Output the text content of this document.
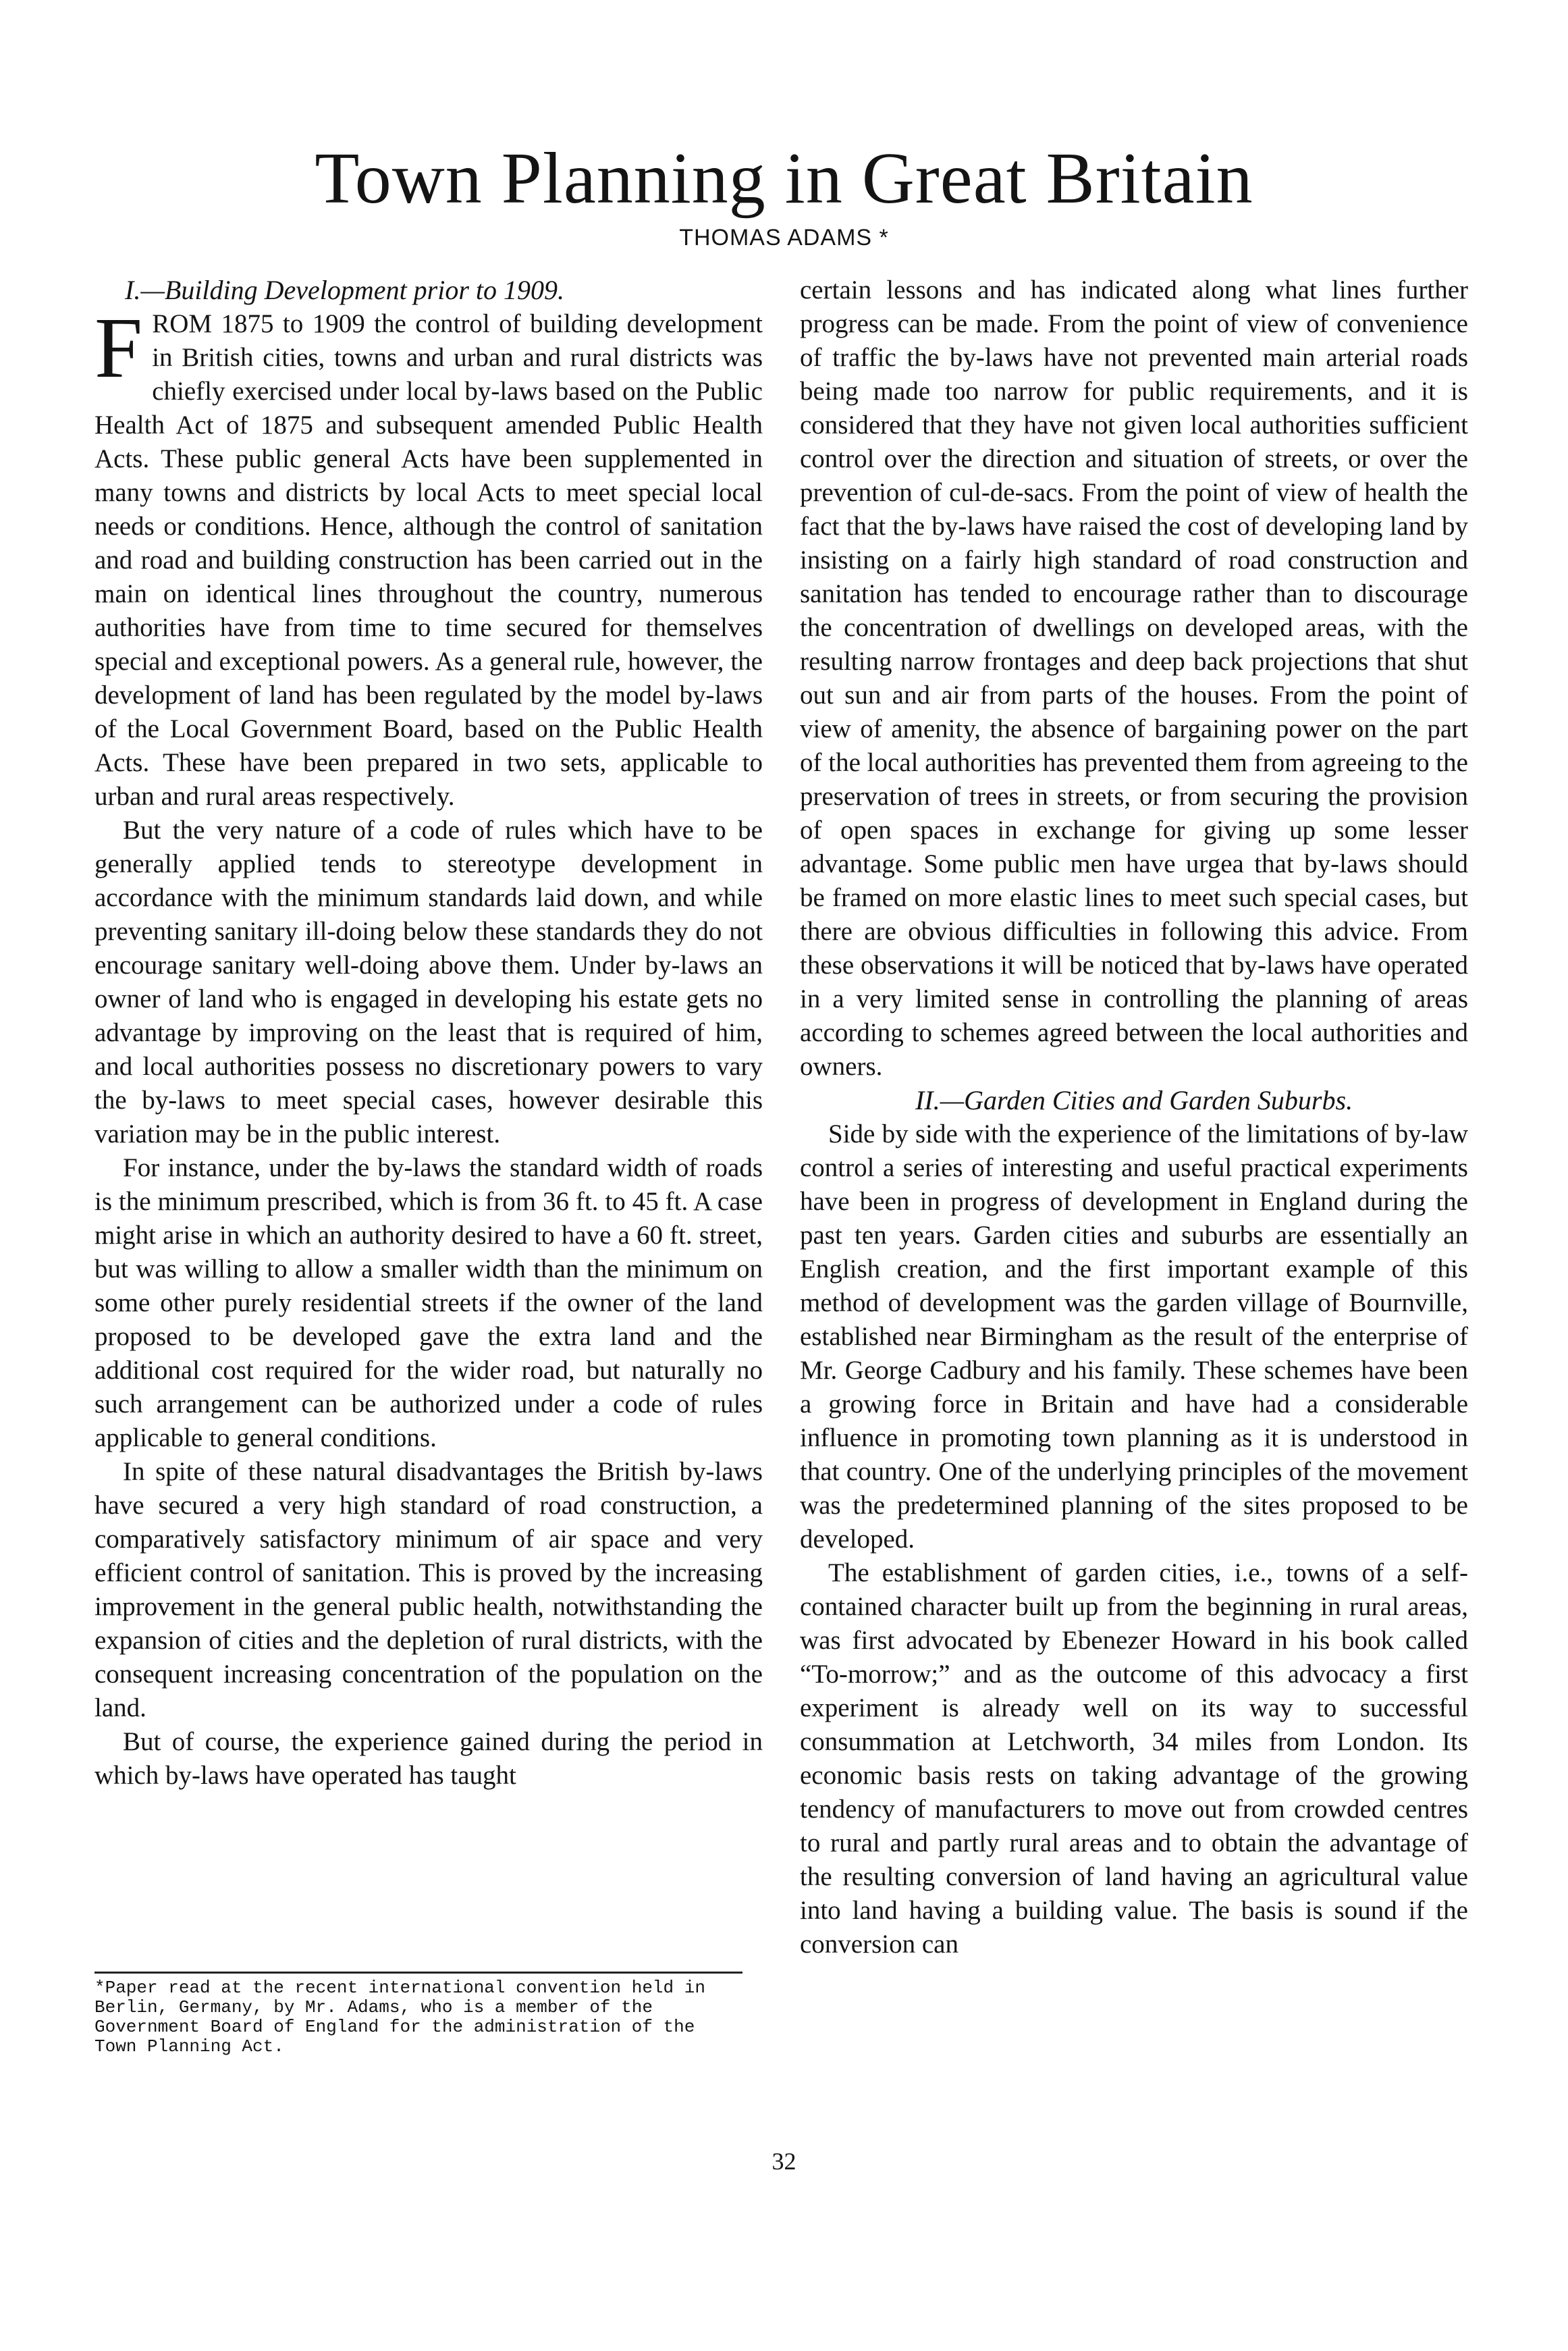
Town Planning in Great Britain
THOMAS ADAMS *
I.—Building Development prior to 1909.

F ROM 1875 to 1909 the control of building development in British cities, towns and urban and rural districts was chiefly exercised under local by-laws based on the Public Health Act of 1875 and subsequent amended Public Health Acts. These public general Acts have been supplemented in many towns and districts by local Acts to meet special local needs or conditions. Hence, although the control of sanitation and road and building construction has been carried out in the main on identical lines throughout the country, numerous authorities have from time to time secured for themselves special and exceptional powers. As a general rule, however, the development of land has been regulated by the model by-laws of the Local Government Board, based on the Public Health Acts. These have been prepared in two sets, applicable to urban and rural areas respectively.

But the very nature of a code of rules which have to be generally applied tends to stereotype development in accordance with the minimum standards laid down, and while preventing sanitary ill-doing below these standards they do not encourage sanitary well-doing above them. Under by-laws an owner of land who is engaged in developing his estate gets no advantage by improving on the least that is required of him, and local authorities possess no discretionary powers to vary the by-laws to meet special cases, however desirable this variation may be in the public interest.

For instance, under the by-laws the standard width of roads is the minimum prescribed, which is from 36 ft. to 45 ft. A case might arise in which an authority desired to have a 60 ft. street, but was willing to allow a smaller width than the minimum on some other purely residential streets if the owner of the land proposed to be developed gave the extra land and the additional cost required for the wider road, but naturally no such arrangement can be authorized under a code of rules applicable to general conditions.

In spite of these natural disadvantages the British by-laws have secured a very high standard of road construction, a comparatively satisfactory minimum of air space and very efficient control of sanitation. This is proved by the increasing improvement in the general public health, notwithstanding the expansion of cities and the depletion of rural districts, with the consequent increasing concentration of the population on the land.

But of course, the experience gained during the period in which by-laws have operated has taught

certain lessons and has indicated along what lines further progress can be made. From the point of view of convenience of traffic the by-laws have not prevented main arterial roads being made too narrow for public requirements, and it is considered that they have not given local authorities sufficient control over the direction and situation of streets, or over the prevention of cul-de-sacs. From the point of view of health the fact that the by-laws have raised the cost of developing land by insisting on a fairly high standard of road construction and sanitation has tended to encourage rather than to discourage the concentration of dwellings on developed areas, with the resulting narrow frontages and deep back projections that shut out sun and air from parts of the houses. From the point of view of amenity, the absence of bargaining power on the part of the local authorities has prevented them from agreeing to the preservation of trees in streets, or from securing the provision of open spaces in exchange for giving up some lesser advantage. Some public men have urgea that by-laws should be framed on more elastic lines to meet such special cases, but there are obvious difficulties in following this advice. From these observations it will be noticed that by-laws have operated in a very limited sense in controlling the planning of areas according to schemes agreed between the local authorities and owners.

II.—Garden Cities and Garden Suburbs.

Side by side with the experience of the limitations of by-law control a series of interesting and useful practical experiments have been in progress of development in England during the past ten years. Garden cities and suburbs are essentially an English creation, and the first important example of this method of development was the garden village of Bournville, established near Birmingham as the result of the enterprise of Mr. George Cadbury and his family. These schemes have been a growing force in Britain and have had a considerable influence in promoting town planning as it is understood in that country. One of the underlying principles of the movement was the predetermined planning of the sites proposed to be developed.

The establishment of garden cities, i.e., towns of a self-contained character built up from the beginning in rural areas, was first advocated by Ebenezer Howard in his book called “To-morrow;” and as the outcome of this advocacy a first experiment is already well on its way to successful consummation at Letchworth, 34 miles from London. Its economic basis rests on taking advantage of the growing tendency of manufacturers to move out from crowded centres to rural and partly rural areas and to obtain the advantage of the resulting conversion of land having an agricultural value into land having a building value. The basis is sound if the conversion can

*Paper read at the recent international convention held in Berlin, Germany, by Mr. Adams, who is a member of the Government Board of England for the administration of the Town Planning Act.

32
